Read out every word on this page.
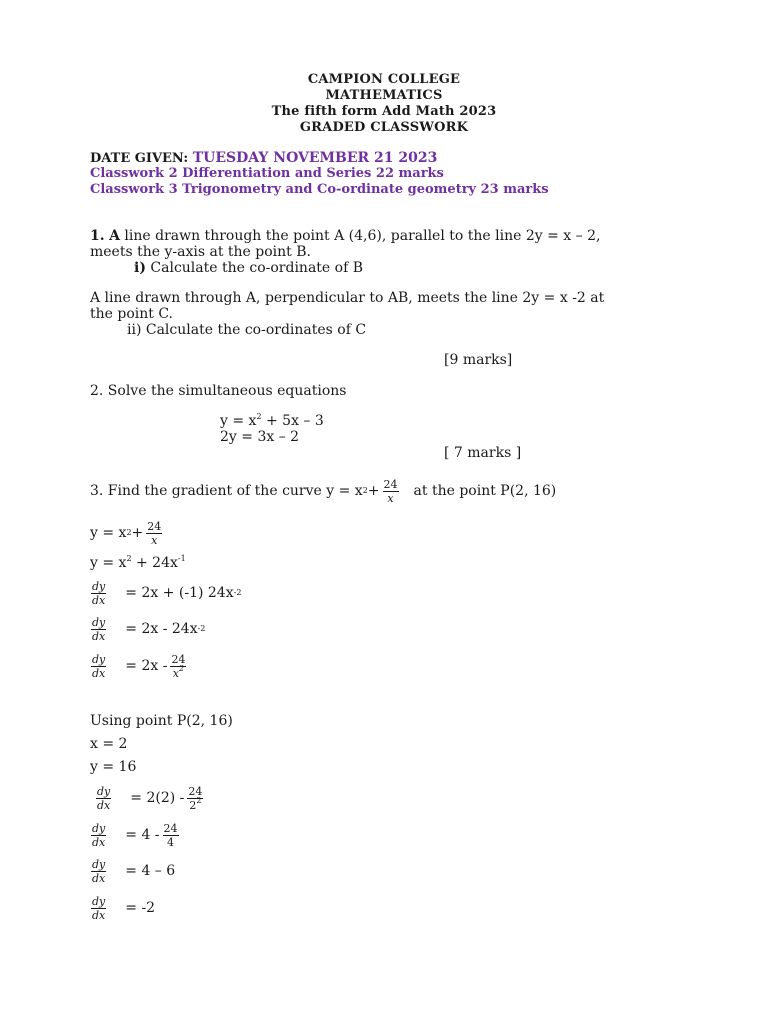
CAMPION COLLEGE
MATHEMATICS
The fifth form Add Math 2023
GRADED CLASSWORK
DATE GIVEN: TUESDAY NOVEMBER 21 2023
Classwork 2 Differentiation and Series 22 marks
Classwork 3 Trigonometry and Co-ordinate geometry 23 marks
1. A line drawn through the point A (4,6), parallel to the line 2y = x – 2,
meets the y-axis at the point B.
i) Calculate the co-ordinate of B
A line drawn through A, perpendicular to AB, meets the line 2y = x -2 at
the point C.
ii) Calculate the co-ordinates of C
[9 marks]
2. Solve the simultaneous equations
$y = x^2 + 5x - 3$
2y = 3x – 2
[ 7 marks ]
3. Find the gradient of the curve y = x $2 + \frac{24}{x}$ at the point P(2, 16)
y = x $2 + \frac{24}{x}$
$y = x^2 + 24x^{-1}$
$\frac{dy}{dx} = 2x + (-1)$ 24x -2
$\frac{dy}{dx} = 2x - 24x$ -2
$\frac{dy}{dx} = 2x - \frac{24}{x^2}$
Using point P(2, 16)
x = 2
y = 16
$\frac{dy}{dx} = 2(2) - \frac{24}{2^2}$
$\frac{dy}{dx} = 4 - \frac{24}{4}$
$\frac{dy}{dx} = 4 - 6$
$\frac{dy}{dx} = -2$
